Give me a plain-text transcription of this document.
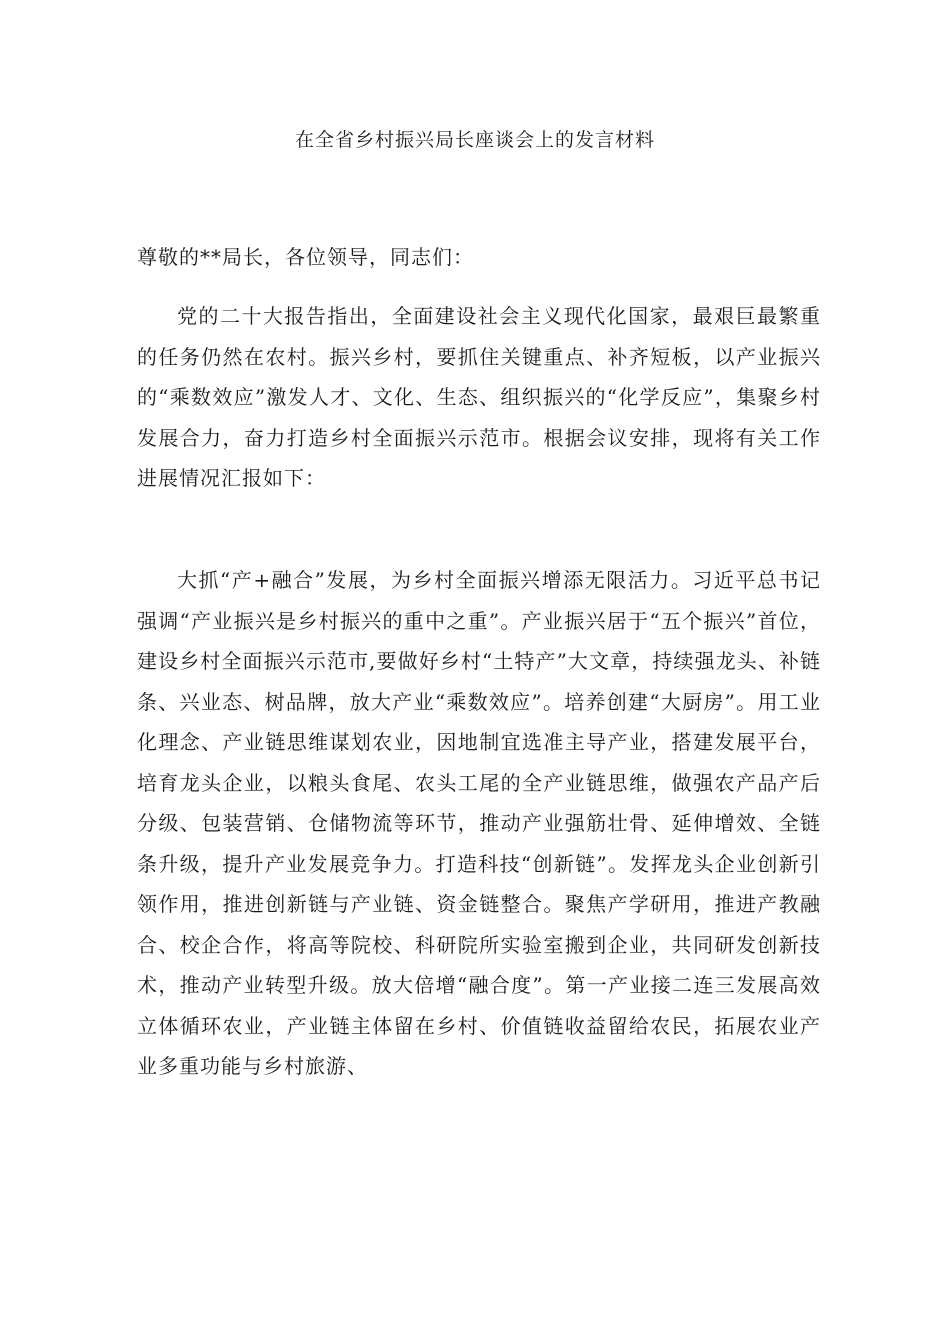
在全省乡村振兴局长座谈会上的发言材料

尊敬的**局长，各位领导，同志们：

党的二十大报告指出，全面建设社会主义现代化国家，最艰巨最繁重的任务仍然在农村。振兴乡村，要抓住关键重点、补齐短板，以产业振兴的“乘数效应”激发人才、文化、生态、组织振兴的“化学反应”，集聚乡村发展合力，奋力打造乡村全面振兴示范市。根据会议安排，现将有关工作进展情况汇报如下：

大抓“产+融合”发展，为乡村全面振兴增添无限活力。习近平总书记强调“产业振兴是乡村振兴的重中之重”。产业振兴居于“五个振兴”首位，建设乡村全面振兴示范市,要做好乡村“土特产”大文章，持续强龙头、补链条、兴业态、树品牌，放大产业“乘数效应”。培养创建“大厨房”。用工业化理念、产业链思维谋划农业，因地制宜选准主导产业，搭建发展平台，培育龙头企业，以粮头食尾、农头工尾的全产业链思维，做强农产品产后分级、包装营销、仓储物流等环节，推动产业强筋壮骨、延伸增效、全链条升级，提升产业发展竞争力。打造科技“创新链”。发挥龙头企业创新引领作用，推进创新链与产业链、资金链整合。聚焦产学研用，推进产教融合、校企合作，将高等院校、科研院所实验室搬到企业，共同研发创新技术，推动产业转型升级。放大倍增“融合度”。第一产业接二连三发展高效立体循环农业，产业链主体留在乡村、价值链收益留给农民，拓展农业产业多重功能与乡村旅游、
